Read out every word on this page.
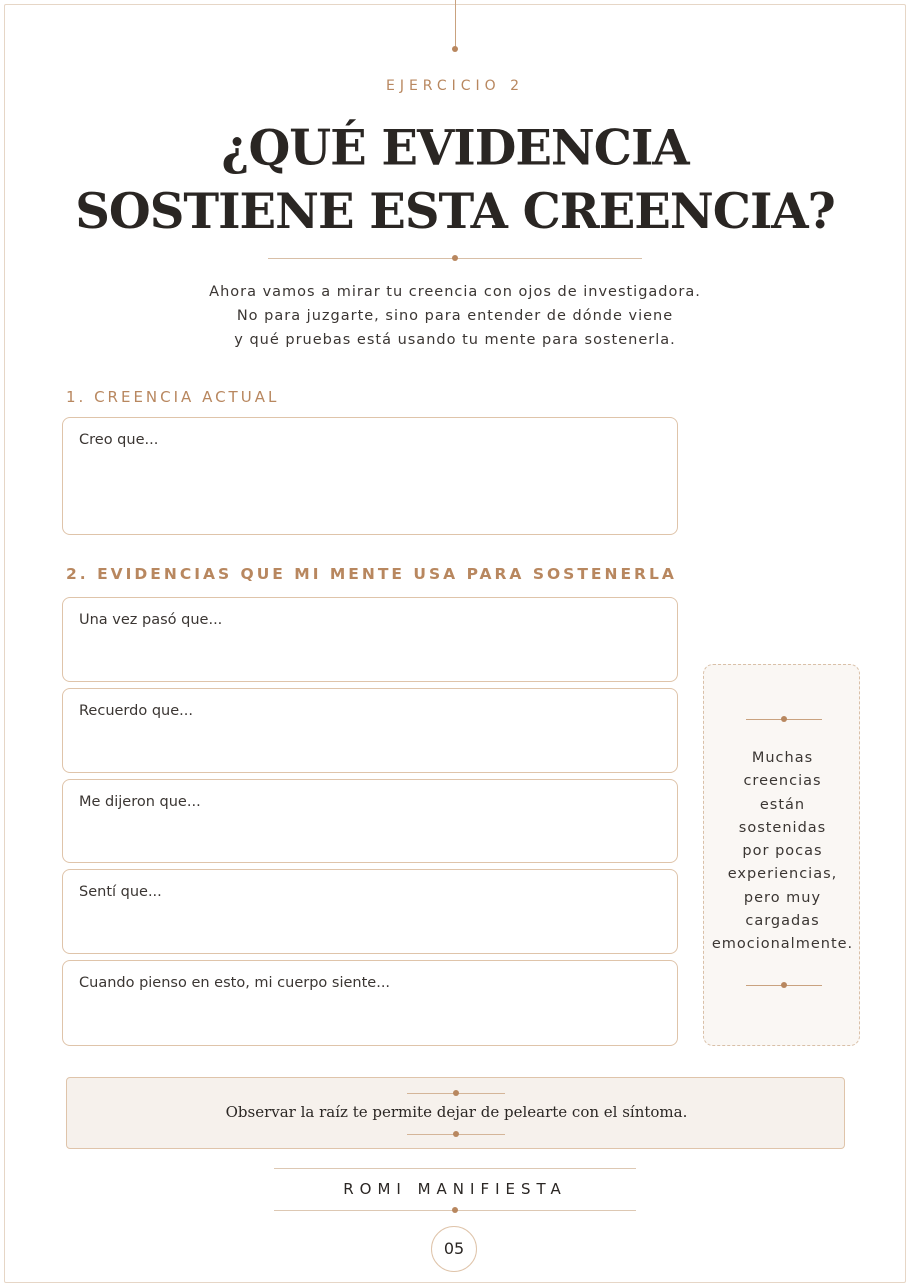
EJERCICIO 2
¿QUÉ EVIDENCIA
SOSTIENE ESTA CREENCIA?

Ahora vamos a mirar tu creencia con ojos de investigadora.

No para juzgarte, sino para entender de dónde viene

y qué pruebas está usando tu mente para sostenerla.

1. CREENCIA ACTUAL
Creo que...
2. EVIDENCIAS QUE MI MENTE USA PARA SOSTENERLA
Una vez pasó que...
Recuerdo que...
Me dijeron que...
Sentí que...
Cuando pienso en esto, mi cuerpo siente...
Muchas
creencias
están
sostenidas
por pocas
experiencias,
pero muy
cargadas
emocionalmente.
Observar la raíz te permite dejar de pelearte con el síntoma.
ROMI MANIFIESTA
05
